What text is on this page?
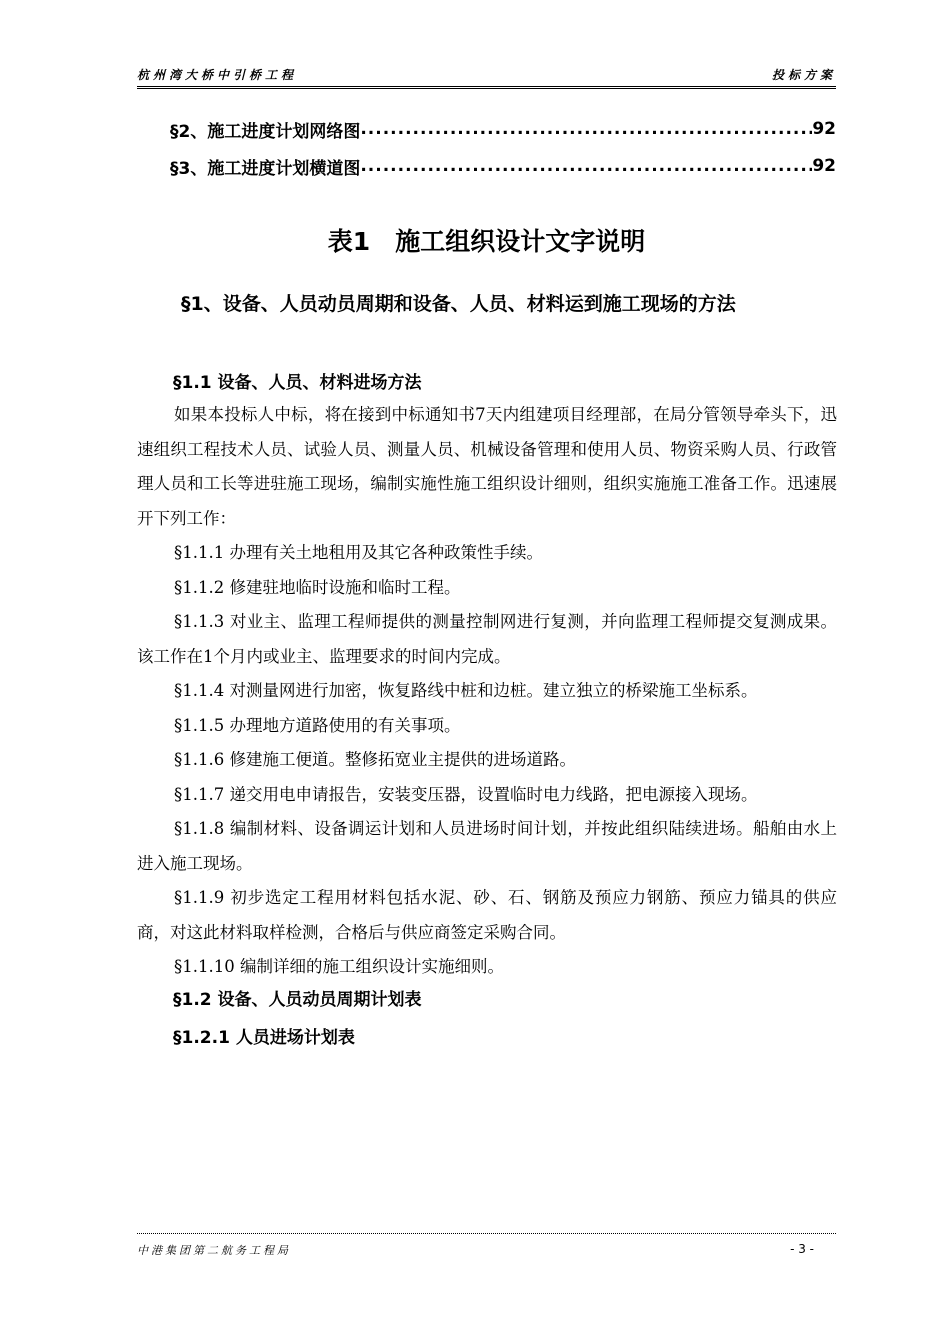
杭州湾大桥中引桥工程	投标方案
§2、施工进度计划网络图 .....	92
§3、施工进度计划横道图 .....	92
表1　施工组织设计文字说明
§1、设备、人员动员周期和设备、人员、材料运到施工现场的方法
§1.1 设备、人员、材料进场方法

如果本投标人中标，将在接到中标通知书7天内组建项目经理部，在局分管领导牵头下，迅速组织工程技术人员、试验人员、测量人员、机械设备管理和使用人员、物资采购人员、行政管理人员和工长等进驻施工现场，编制实施性施工组织设计细则，组织实施施工准备工作。迅速展开下列工作：

§1.1.1 办理有关土地租用及其它各种政策性手续。

§1.1.2 修建驻地临时设施和临时工程。

§1.1.3 对业主、监理工程师提供的测量控制网进行复测，并向监理工程师提交复测成果。该工作在1个月内或业主、监理要求的时间内完成。

§1.1.4 对测量网进行加密，恢复路线中桩和边桩。建立独立的桥梁施工坐标系。

§1.1.5 办理地方道路使用的有关事项。

§1.1.6 修建施工便道。整修拓宽业主提供的进场道路。

§1.1.7 递交用电申请报告，安装变压器，设置临时电力线路，把电源接入现场。

§1.1.8 编制材料、设备调运计划和人员进场时间计划，并按此组织陆续进场。船舶由水上进入施工现场。

§1.1.9 初步选定工程用材料包括水泥、砂、石、钢筋及预应力钢筋、预应力锚具的供应商，对这此材料取样检测，合格后与供应商签定采购合同。

§1.1.10 编制详细的施工组织设计实施细则。

§1.2 设备、人员动员周期计划表
§1.2.1 人员进场计划表
中港集团第二航务工程局	- 3 -
